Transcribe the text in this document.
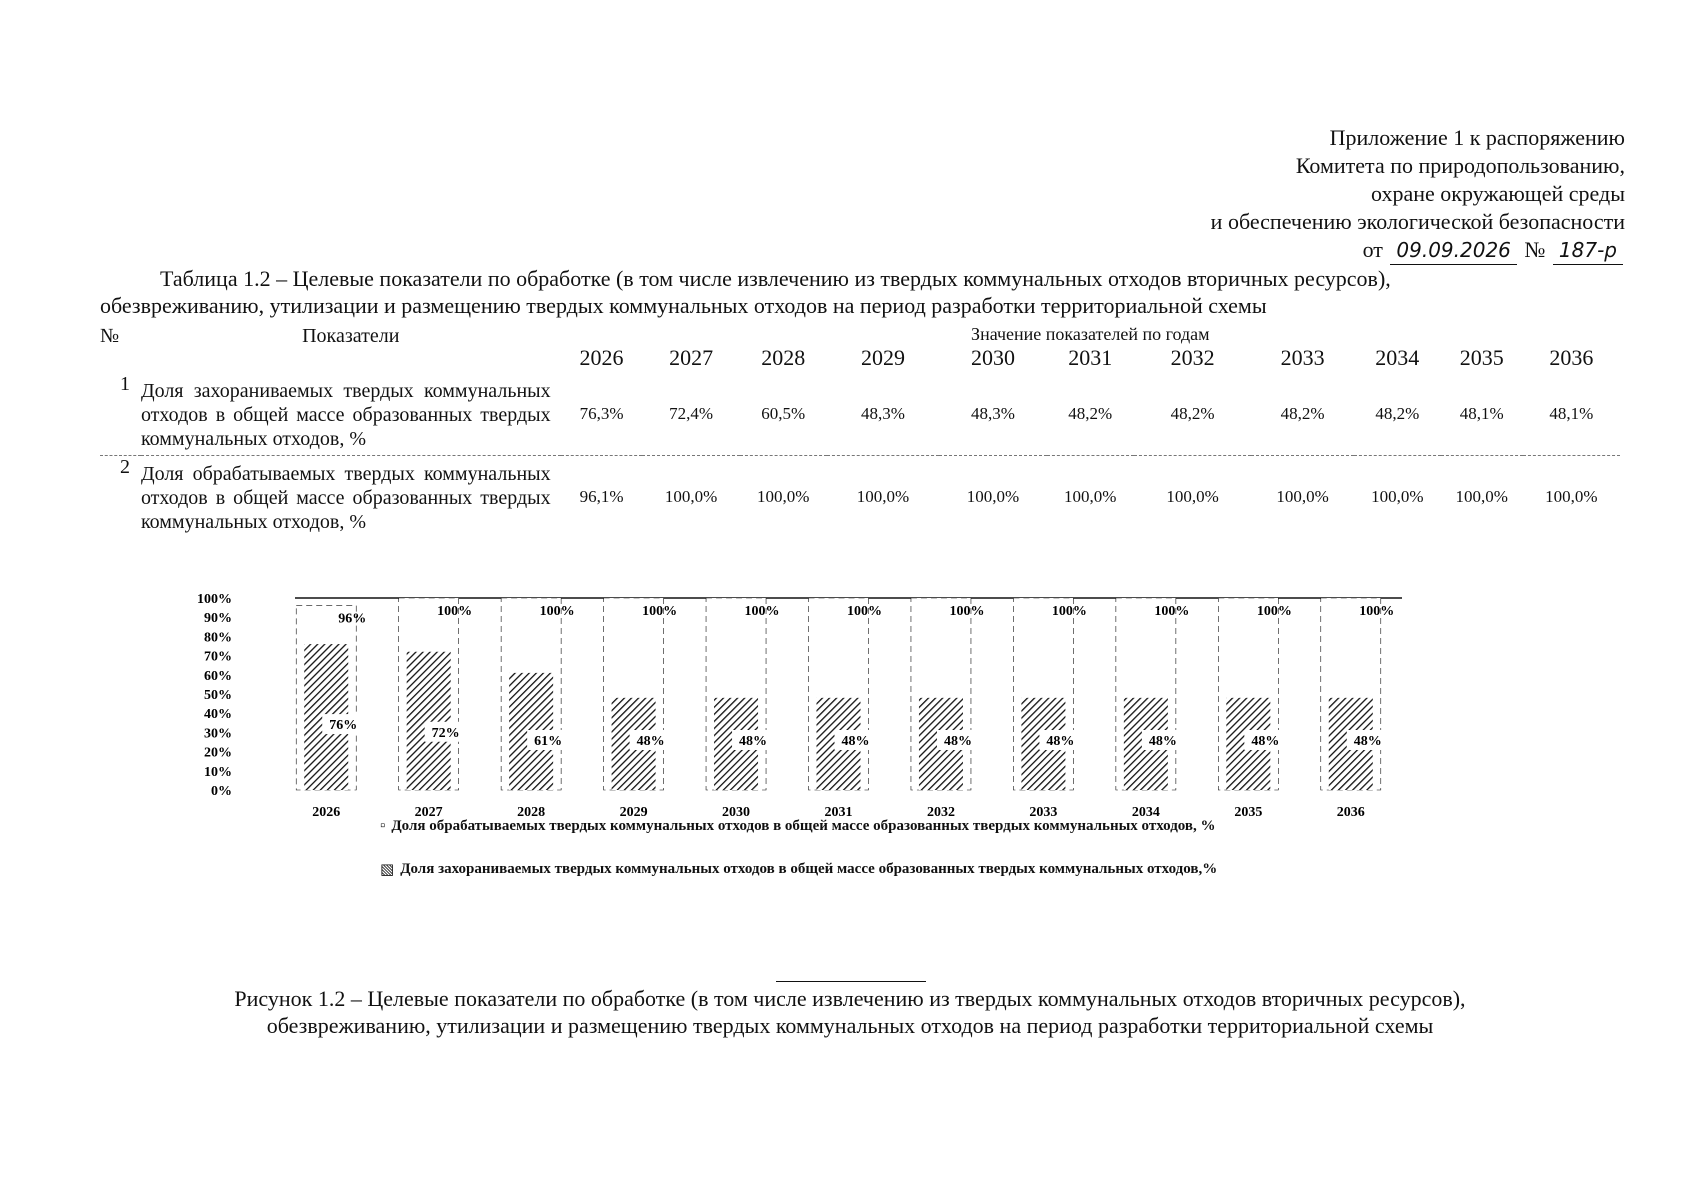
Приложение 1 к распоряжению
Комитета по природопользованию,
охране окружающей среды
и обеспечению экологической безопасности
от 09.09.2026 № 187-р
Таблица 1.2 – Целевые показатели по обработке (в том числе извлечению из твердых коммунальных отходов вторичных ресурсов),
обезвреживанию, утилизации и размещению твердых коммунальных отходов на период разработки территориальной схемы
№	Показатели	Значение показателей по годам										
		2026	2027	2028	2029	2030	2031	2032	2033	2034	2035	2036
1	Доля захораниваемых твердых коммунальных отходов в общей массе образованных твердых коммунальных отходов, %	76,3%	72,4%	60,5%	48,3%	48,3%	48,2%	48,2%	48,2%	48,2%	48,1%	48,1%
2	Доля обрабатываемых твердых коммунальных отходов в общей массе образованных твердых коммунальных отходов, %	96,1%	100,0%	100,0%	100,0%	100,0%	100,0%	100,0%	100,0%	100,0%	100,0%	100,0%
0%
10%
20%
30%
40%
50%
60%
70%
80%
90%
100%
96%
76%
100%
72%
100%
61%
100%
48%
100%
48%
100%
48%
100%
48%
100%
48%
100%
48%
100%
48%
100%
48%
2026	2027	2028	2029	2030	2031	2032	2033	2034	2035	2036
▫ Доля обрабатываемых твердых коммунальных отходов в общей массе образованных твердых коммунальных отходов, %
▧ Доля захораниваемых твердых коммунальных отходов в общей массе образованных твердых коммунальных отходов,%
Рисунок 1.2 – Целевые показатели по обработке (в том числе извлечению из твердых коммунальных отходов вторичных ресурсов),
обезвреживанию, утилизации и размещению твердых коммунальных отходов на период разработки территориальной схемы
